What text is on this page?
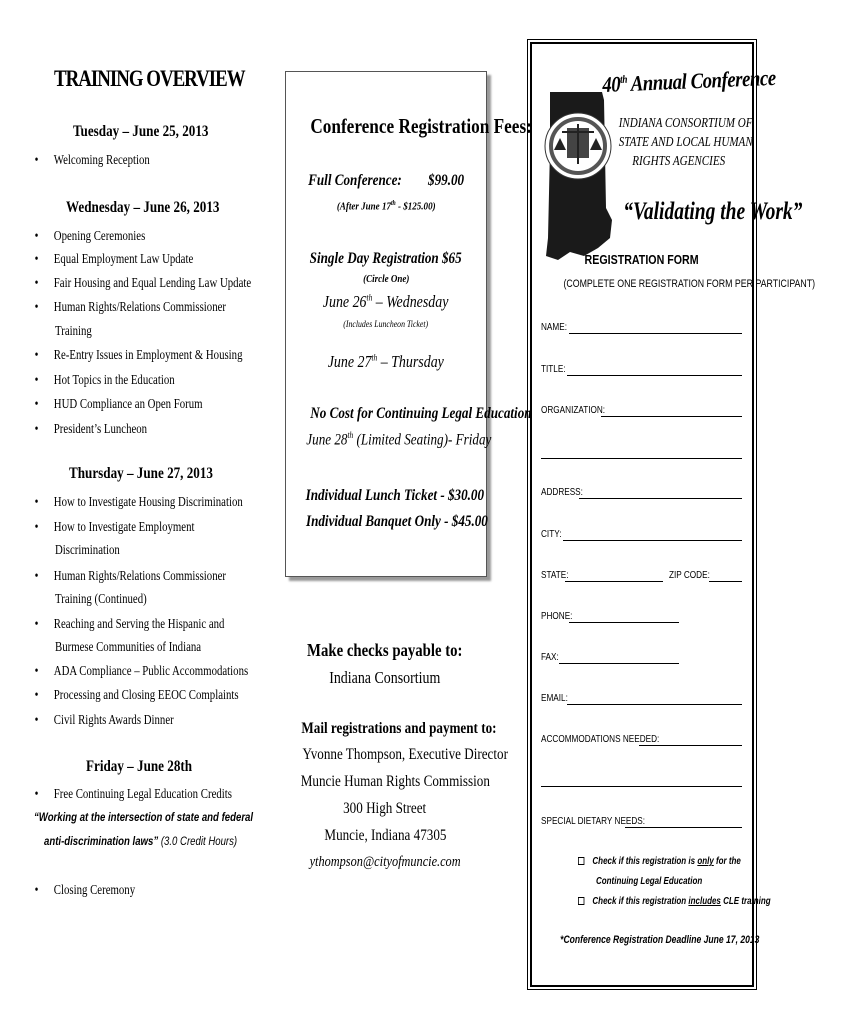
TRAINING OVERVIEW
Tuesday – June 25, 2013
• Welcoming Reception
Wednesday – June 26, 2013
• Opening Ceremonies
• Equal Employment Law Update
• Fair Housing and Equal Lending Law Update
• Human Rights/Relations Commissioner
Training
• Re-Entry Issues in Employment & Housing
• Hot Topics in the Education
• HUD Compliance an Open Forum
• President’s Luncheon
Thursday – June 27, 2013
• How to Investigate Housing Discrimination
• How to Investigate Employment
Discrimination
• Human Rights/Relations Commissioner
Training (Continued)
• Reaching and Serving the Hispanic and
Burmese Communities of Indiana
• ADA Compliance – Public Accommodations
• Processing and Closing EEOC Complaints
• Civil Rights Awards Dinner
Friday – June 28th
• Free Continuing Legal Education Credits
“Working at the intersection of state and federal
anti-discrimination laws” (3.0 Credit Hours)
• Closing Ceremony
Conference Registration Fees:
Full Conference: $99.00
(After June 17th - $125.00)
Single Day Registration $65
(Circle One)
June 26th – Wednesday
(Includes Luncheon Ticket)
June 27th – Thursday
No Cost for Continuing Legal Education
June 28th (Limited Seating)- Friday
Individual Lunch Ticket - $30.00
Individual Banquet Only - $45.00
Make checks payable to:
Indiana Consortium
Mail registrations and payment to:
Yvonne Thompson, Executive Director
Muncie Human Rights Commission
300 High Street
Muncie, Indiana 47305
ythompson@cityofmuncie.com
40th Annual Conference
INDIANA CONSORTIUM OF
STATE AND LOCAL HUMAN
RIGHTS AGENCIES
“Validating the Work”
REGISTRATION FORM
(COMPLETE ONE REGISTRATION FORM PER PARTICIPANT)
NAME:
TITLE:
ORGANIZATION:
ADDRESS:
CITY:
STATE:	ZIP CODE:
PHONE:
FAX:
EMAIL:
ACCOMMODATIONS NEEDED:
SPECIAL DIETARY NEEDS:
Check if this registration is only for the
Continuing Legal Education
Check if this registration includes CLE training
*Conference Registration Deadline June 17, 2013
